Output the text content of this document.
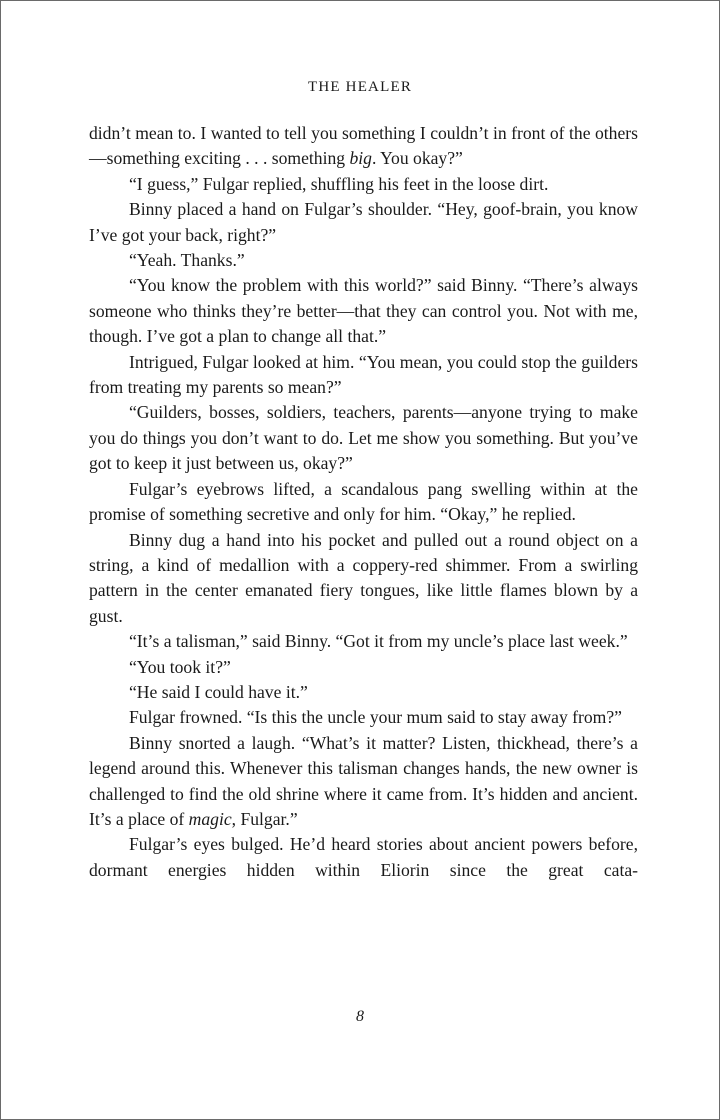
THE HEALER

didn’t mean to. I wanted to tell you something I couldn’t in front of the others—something exciting . . . something big. You okay?”

“I guess,” Fulgar replied, shuffling his feet in the loose dirt.

Binny placed a hand on Fulgar’s shoulder. “Hey, goof-brain, you know I’ve got your back, right?”

“Yeah. Thanks.”

“You know the problem with this world?” said Binny. “There’s always someone who thinks they’re better—that they can control you. Not with me, though. I’ve got a plan to change all that.”

Intrigued, Fulgar looked at him. “You mean, you could stop the guilders from treating my parents so mean?”

“Guilders, bosses, soldiers, teachers, parents—anyone trying to make you do things you don’t want to do. Let me show you something. But you’ve got to keep it just between us, okay?”

Fulgar’s eyebrows lifted, a scandalous pang swelling within at the promise of something secretive and only for him. “Okay,” he replied.

Binny dug a hand into his pocket and pulled out a round object on a string, a kind of medallion with a coppery-red shimmer. From a swirling pattern in the center emanated fiery tongues, like little flames blown by a gust.

“It’s a talisman,” said Binny. “Got it from my uncle’s place last week.”

“You took it?”

“He said I could have it.”

Fulgar frowned. “Is this the uncle your mum said to stay away from?”

Binny snorted a laugh. “What’s it matter? Listen, thickhead, there’s a legend around this. Whenever this talisman changes hands, the new owner is challenged to find the old shrine where it came from. It’s hidden and ancient. It’s a place of magic, Fulgar.”

Fulgar’s eyes bulged. He’d heard stories about ancient powers before, dormant energies hidden within Eliorin since the great cata-

8
